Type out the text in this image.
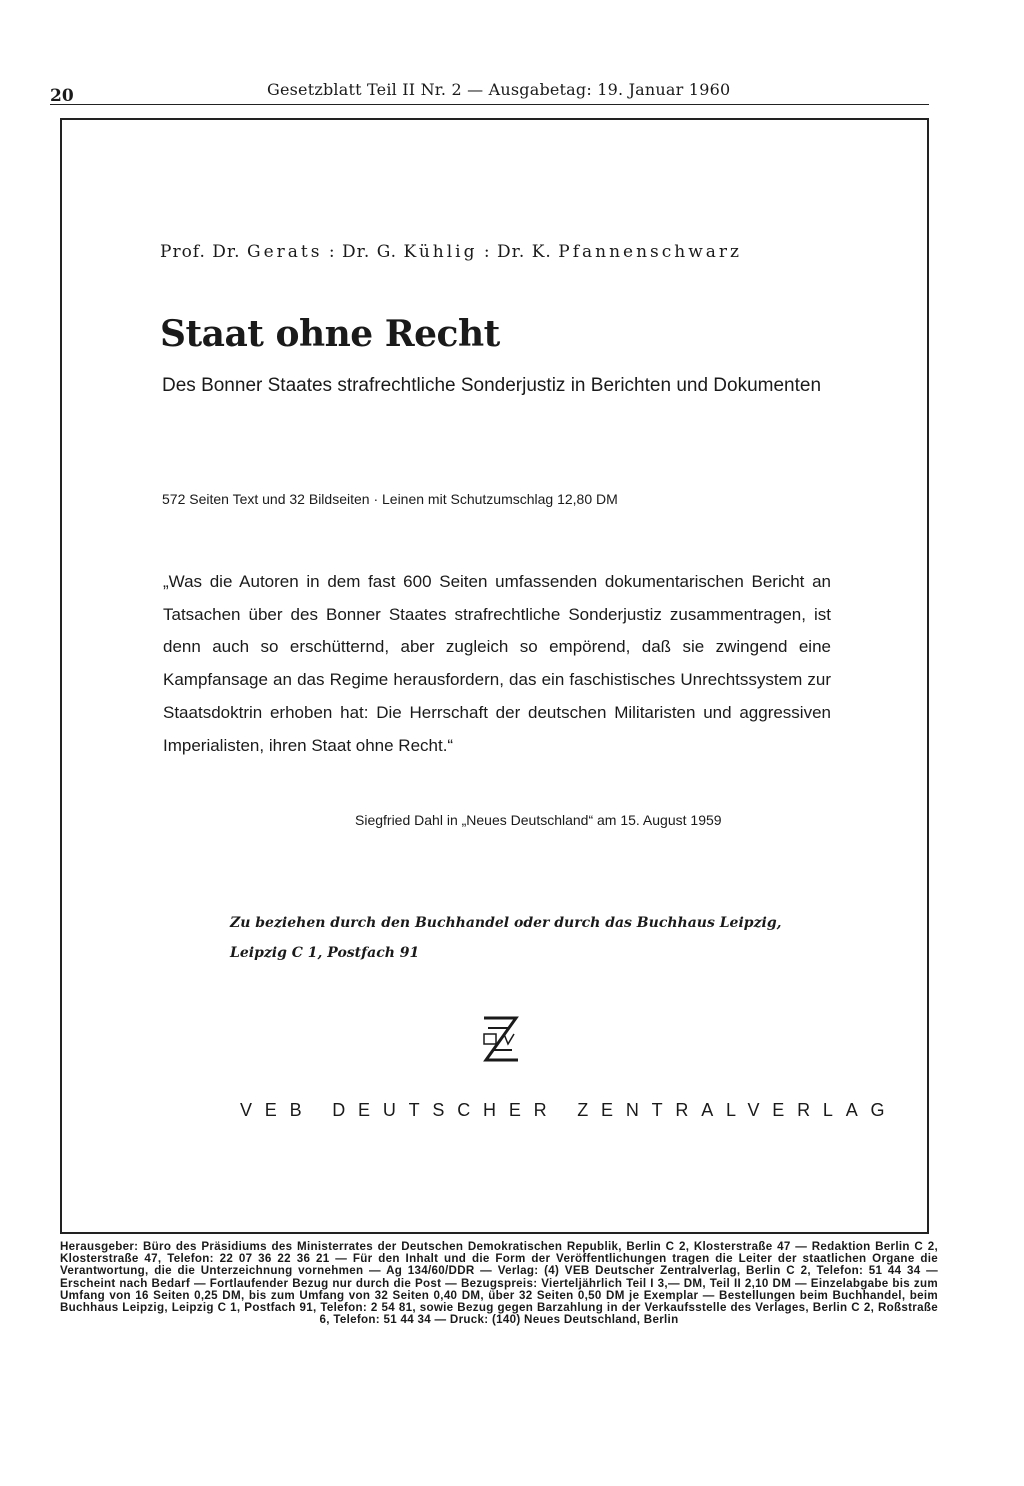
20	Gesetzblatt Teil II Nr. 2 — Ausgabetag: 19. Januar 1960
Prof. Dr. Gerats : Dr. G. Kühlig : Dr. K. Pfannenschwarz
Staat ohne Recht
Des Bonner Staates strafrechtliche Sonderjustiz in Berichten und Dokumenten
572 Seiten Text und 32 Bildseiten · Leinen mit Schutzumschlag 12,80 DM
„Was die Autoren in dem fast 600 Seiten umfassenden dokumentarischen Bericht an Tatsachen über des Bonner Staates strafrechtliche Sonderjustiz zusammentragen, ist denn auch so erschütternd, aber zugleich so empörend, daß sie zwingend eine Kampfansage an das Regime herausfordern, das ein faschistisches Unrechtssystem zur Staatsdoktrin erhoben hat: Die Herrschaft der deutschen Militaristen und aggressiven Imperialisten, ihren Staat ohne Recht.“
Siegfried Dahl in „Neues Deutschland“ am 15. August 1959
Zu beziehen durch den Buchhandel oder durch das Buchhaus Leipzig,
Leipzig C 1, Postfach 91
VEB DEUTSCHER ZENTRALVERLAG
Herausgeber: Büro des Präsidiums des Ministerrates der Deutschen Demokratischen Republik, Berlin C 2, Klosterstraße 47 — Redaktion Berlin C 2, Klosterstraße 47, Telefon: 22 07 36 22 36 21 — Für den Inhalt und die Form der Veröffentlichungen tragen die Leiter der staatlichen Organe die Verantwortung, die die Unterzeichnung vornehmen — Ag 134/60/DDR — Verlag: (4) VEB Deutscher Zentralverlag, Berlin C 2, Telefon: 51 44 34 — Erscheint nach Bedarf — Fortlaufender Bezug nur durch die Post — Bezugspreis: Vierteljährlich Teil I 3,— DM, Teil II 2,10 DM — Einzelabgabe bis zum Umfang von 16 Seiten 0,25 DM, bis zum Umfang von 32 Seiten 0,40 DM, über 32 Seiten 0,50 DM je Exemplar — Bestellungen beim Buchhandel, beim Buchhaus Leipzig, Leipzig C 1, Postfach 91, Telefon: 2 54 81, sowie Bezug gegen Barzahlung in der Verkaufsstelle des Verlages, Berlin C 2, Roßstraße 6, Telefon: 51 44 34 — Druck: (140) Neues Deutschland, Berlin
